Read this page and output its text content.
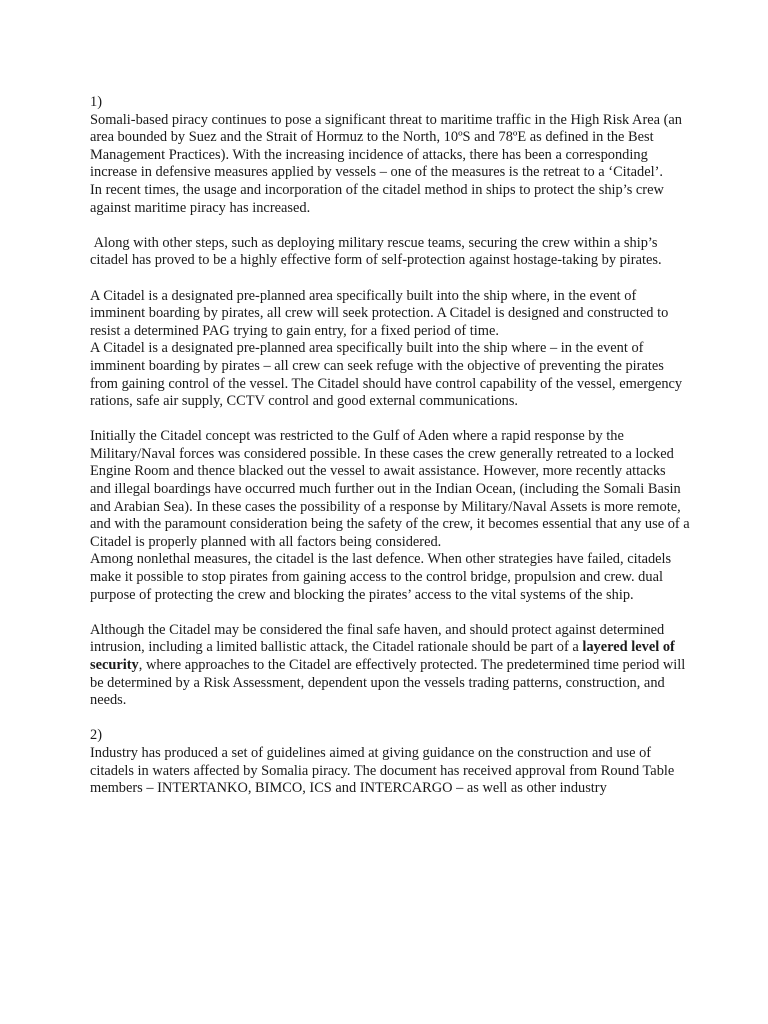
1)

Somali-based piracy continues to pose a significant threat to maritime traffic in the High Risk Area (an area bounded by Suez and the Strait of Hormuz to the North, 10ºS and 78ºE as defined in the Best Management Practices). With the increasing incidence of attacks, there has been a corresponding increase in defensive measures applied by vessels – one of the measures is the retreat to a ‘Citadel’.

In recent times, the usage and incorporation of the citadel method in ships to protect the ship’s crew against maritime piracy has increased.

Along with other steps, such as deploying military rescue teams, securing the crew within a ship’s citadel has proved to be a highly effective form of self-protection against hostage-taking by pirates.

A Citadel is a designated pre-planned area specifically built into the ship where, in the event of imminent boarding by pirates, all crew will seek protection. A Citadel is designed and constructed to resist a determined PAG trying to gain entry, for a fixed period of time.

A Citadel is a designated pre-planned area specifically built into the ship where – in the event of imminent boarding by pirates – all crew can seek refuge with the objective of preventing the pirates from gaining control of the vessel. The Citadel should have control capability of the vessel, emergency rations, safe air supply, CCTV control and good external communications.

Initially the Citadel concept was restricted to the Gulf of Aden where a rapid response by the Military/Naval forces was considered possible. In these cases the crew generally retreated to a locked Engine Room and thence blacked out the vessel to await assistance. However, more recently attacks and illegal boardings have occurred much further out in the Indian Ocean, (including the Somali Basin and Arabian Sea). In these cases the possibility of a response by Military/Naval Assets is more remote, and with the paramount consideration being the safety of the crew, it becomes essential that any use of a Citadel is properly planned with all factors being considered.

Among nonlethal measures, the citadel is the last defence. When other strategies have failed, citadels make it possible to stop pirates from gaining access to the control bridge, propulsion and crew. dual purpose of protecting the crew and blocking the pirates’ access to the vital systems of the ship.

Although the Citadel may be considered the final safe haven, and should protect against determined intrusion, including a limited ballistic attack, the Citadel rationale should be part of a layered level of security, where approaches to the Citadel are effectively protected. The predetermined time period will be determined by a Risk Assessment, dependent upon the vessels trading patterns, construction, and needs.

2)

Industry has produced a set of guidelines aimed at giving guidance on the construction and use of citadels in waters affected by Somalia piracy. The document has received approval from Round Table members – INTERTANKO, BIMCO, ICS and INTERCARGO – as well as other industry
